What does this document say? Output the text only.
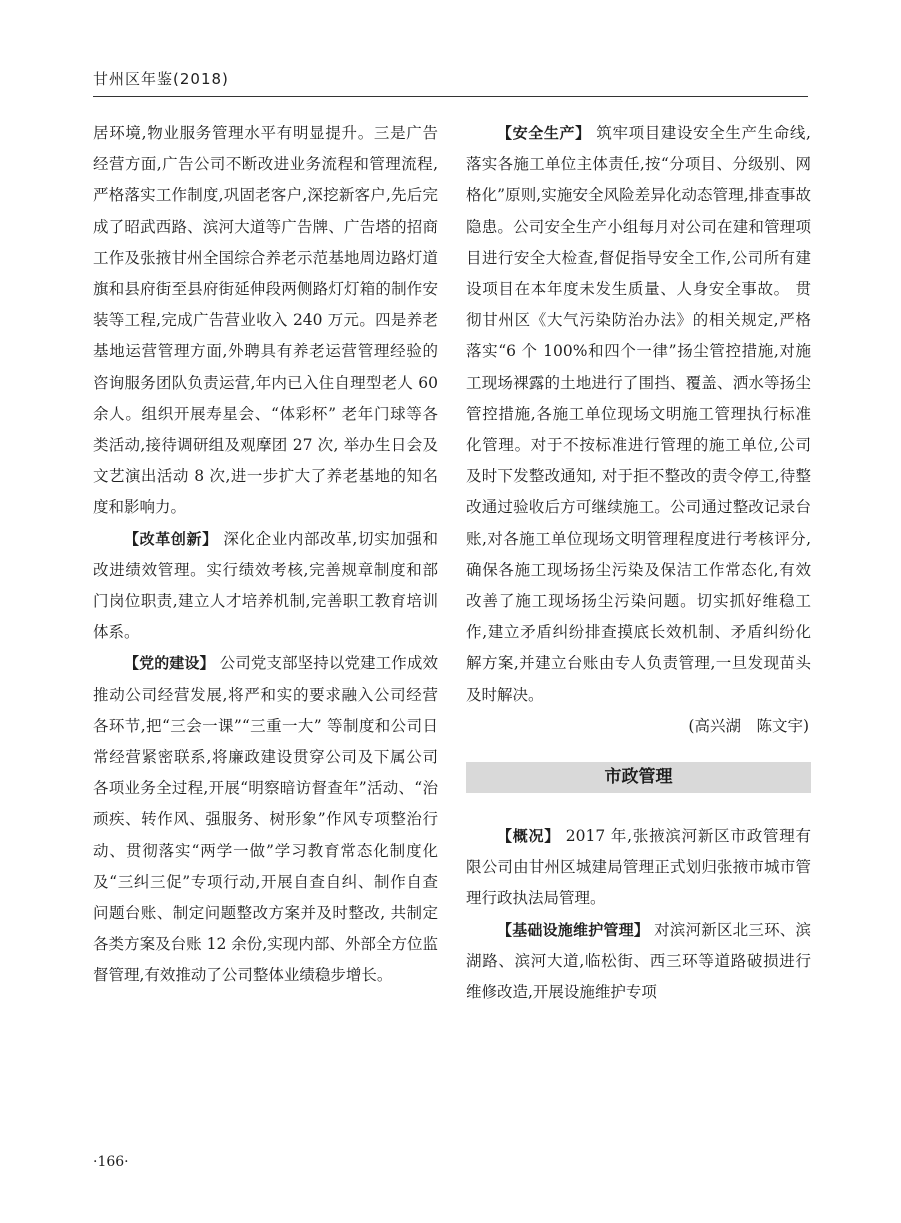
甘州区年鉴(2018)

居环境,物业服务管理水平有明显提升。三是广告经营方面,广告公司不断改进业务流程和管理流程,严格落实工作制度,巩固老客户,深挖新客户,先后完成了昭武西路、滨河大道等广告牌、广告塔的招商工作及张掖甘州全国综合养老示范基地周边路灯道旗和县府街至县府街延伸段两侧路灯灯箱的制作安装等工程,完成广告营业收入 240 万元。四是养老基地运营管理方面,外聘具有养老运营管理经验的咨询服务团队负责运营,年内已入住自理型老人 60 余人。组织开展寿星会、“体彩杯” 老年门球等各类活动,接待调研组及观摩团 27 次, 举办生日会及文艺演出活动 8 次,进一步扩大了养老基地的知名度和影响力。

【改革创新】 深化企业内部改革,切实加强和改进绩效管理。实行绩效考核,完善规章制度和部门岗位职责,建立人才培养机制,完善职工教育培训体系。

【党的建设】 公司党支部坚持以党建工作成效推动公司经营发展,将严和实的要求融入公司经营各环节,把“三会一课”“三重一大” 等制度和公司日常经营紧密联系,将廉政建设贯穿公司及下属公司各项业务全过程,开展“明察暗访督查年”活动、“治顽疾、转作风、强服务、树形象”作风专项整治行动、贯彻落实“两学一做”学习教育常态化制度化及“三纠三促”专项行动,开展自查自纠、制作自查问题台账、制定问题整改方案并及时整改, 共制定各类方案及台账 12 余份,实现内部、外部全方位监督管理,有效推动了公司整体业绩稳步增长。

【安全生产】 筑牢项目建设安全生产生命线,落实各施工单位主体责任,按“分项目、分级别、网格化”原则,实施安全风险差异化动态管理,排查事故隐患。公司安全生产小组每月对公司在建和管理项目进行安全大检查,督促指导安全工作,公司所有建设项目在本年度未发生质量、人身安全事故。 贯彻甘州区《大气污染防治办法》的相关规定,严格落实“6 个 100%和四个一律”扬尘管控措施,对施工现场裸露的土地进行了围挡、覆盖、洒水等扬尘管控措施,各施工单位现场文明施工管理执行标准化管理。对于不按标准进行管理的施工单位,公司及时下发整改通知, 对于拒不整改的责令停工,待整改通过验收后方可继续施工。公司通过整改记录台账,对各施工单位现场文明管理程度进行考核评分,确保各施工现场扬尘污染及保洁工作常态化,有效改善了施工现场扬尘污染问题。切实抓好维稳工作,建立矛盾纠纷排查摸底长效机制、矛盾纠纷化解方案,并建立台账由专人负责管理,一旦发现苗头及时解决。

(高兴湖　陈文宇)

市政管理

【概况】 2017 年,张掖滨河新区市政管理有限公司由甘州区城建局管理正式划归张掖市城市管理行政执法局管理。

【基础设施维护管理】 对滨河新区北三环、滨湖路、滨河大道,临松街、西三环等道路破损进行维修改造,开展设施维护专项

·166·
